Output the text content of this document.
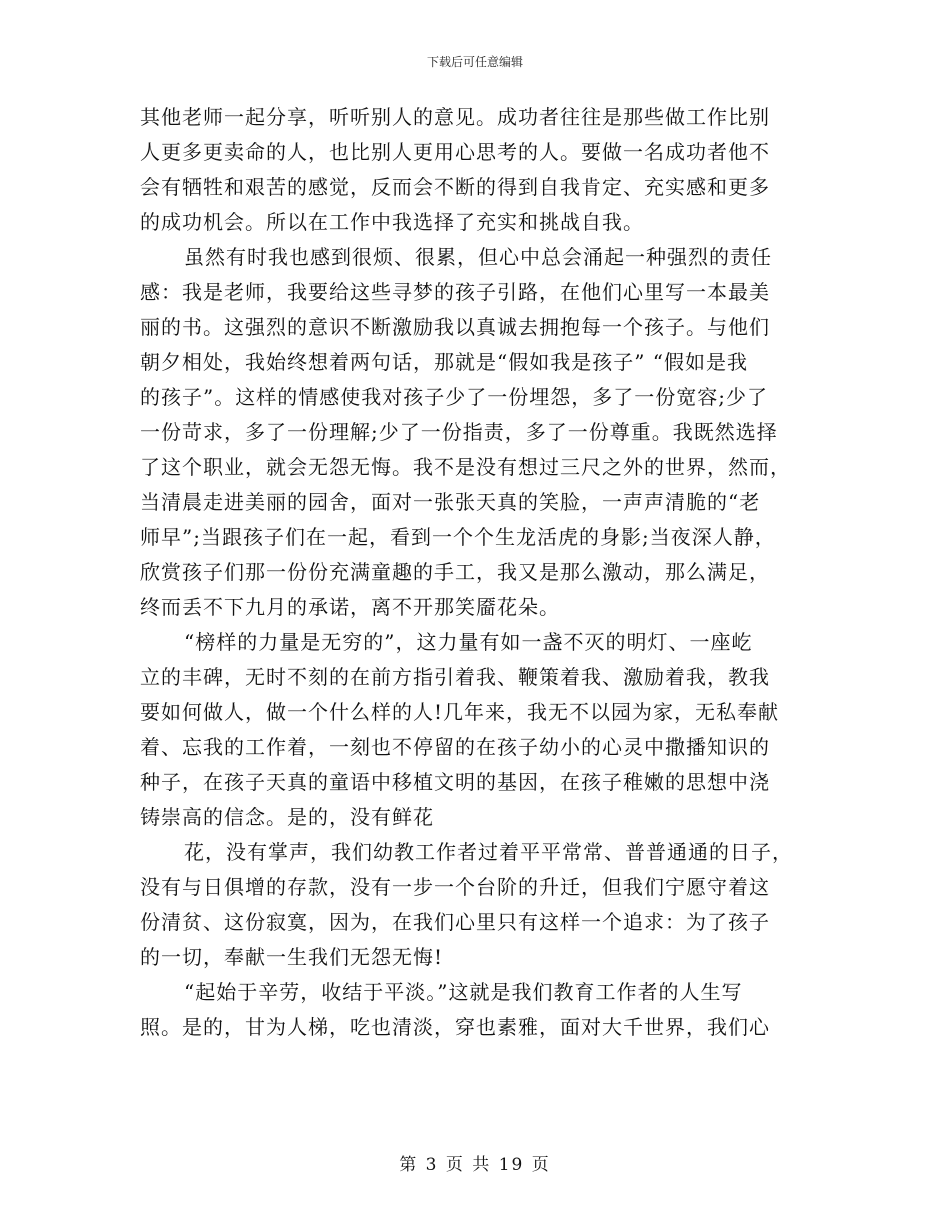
下载后可任意编辑
其他老师一起分享，听听别人的意见。成功者往往是那些做工作比别
人更多更卖命的人，也比别人更用心思考的人。要做一名成功者他不
会有牺牲和艰苦的感觉，反而会不断的得到自我肯定、充实感和更多
的成功机会。所以在工作中我选择了充实和挑战自我。
虽然有时我也感到很烦、很累，但心中总会涌起一种强烈的责任
感：我是老师，我要给这些寻梦的孩子引路，在他们心里写一本最美
丽的书。这强烈的意识不断激励我以真诚去拥抱每一个孩子。与他们
朝夕相处，我始终想着两句话，那就是“假如我是孩子” “假如是我
的孩子”。这样的情感使我对孩子少了一份埋怨，多了一份宽容;少了
一份苛求，多了一份理解;少了一份指责，多了一份尊重。我既然选择
了这个职业，就会无怨无悔。我不是没有想过三尺之外的世界，然而，
当清晨走进美丽的园舍，面对一张张天真的笑脸，一声声清脆的“老
师早”;当跟孩子们在一起，看到一个个生龙活虎的身影;当夜深人静，
欣赏孩子们那一份份充满童趣的手工，我又是那么激动，那么满足，
终而丢不下九月的承诺，离不开那笑靥花朵。
“榜样的力量是无穷的”，这力量有如一盏不灭的明灯、一座屹
立的丰碑，无时不刻的在前方指引着我、鞭策着我、激励着我，教我
要如何做人，做一个什么样的人!几年来，我无不以园为家，无私奉献
着、忘我的工作着，一刻也不停留的在孩子幼小的心灵中撒播知识的
种子，在孩子天真的童语中移植文明的基因，在孩子稚嫩的思想中浇
铸崇高的信念。是的，没有鲜花
花，没有掌声，我们幼教工作者过着平平常常、普普通通的日子，
没有与日俱增的存款，没有一步一个台阶的升迁，但我们宁愿守着这
份清贫、这份寂寞，因为，在我们心里只有这样一个追求：为了孩子
的一切，奉献一生我们无怨无悔!
“起始于辛劳，收结于平淡。”这就是我们教育工作者的人生写
照。是的，甘为人梯，吃也清淡，穿也素雅，面对大千世界，我们心
第 3 页 共 19 页
